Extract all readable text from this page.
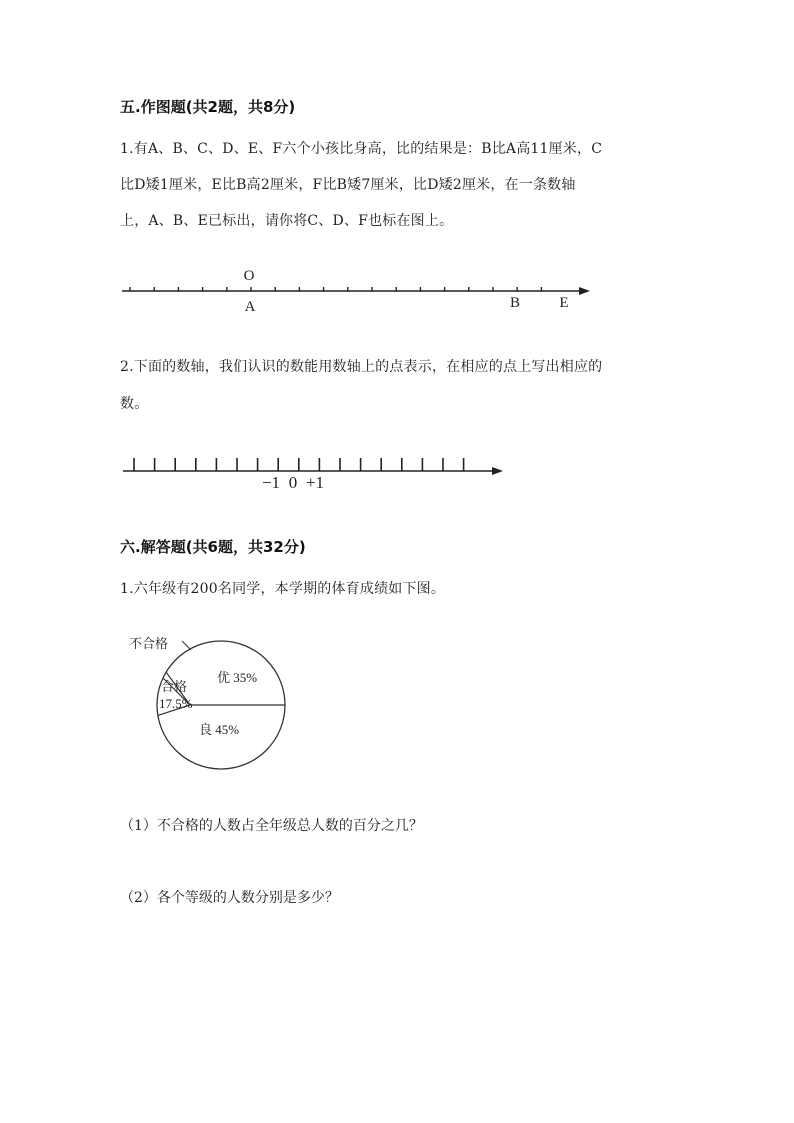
五.作图题(共2题，共8分)
1.有A、B、C、D、E、F六个小孩比身高，比的结果是：B比A高11厘米，C
比D矮1厘米，E比B高2厘米，F比B矮7厘米，比D矮2厘米，在一条数轴
上，A、B、E已标出，请你将C、D、F也标在图上。
O
A	B	E
2.下面的数轴，我们认识的数能用数轴上的点表示，在相应的点上写出相应的
数。
−1 0 +1
六.解答题(共6题，共32分)
1.六年级有200名同学，本学期的体育成绩如下图。
不合格
优 35%
合格
17.5%
良 45%
（1）不合格的人数占全年级总人数的百分之几？
（2）各个等级的人数分别是多少？
